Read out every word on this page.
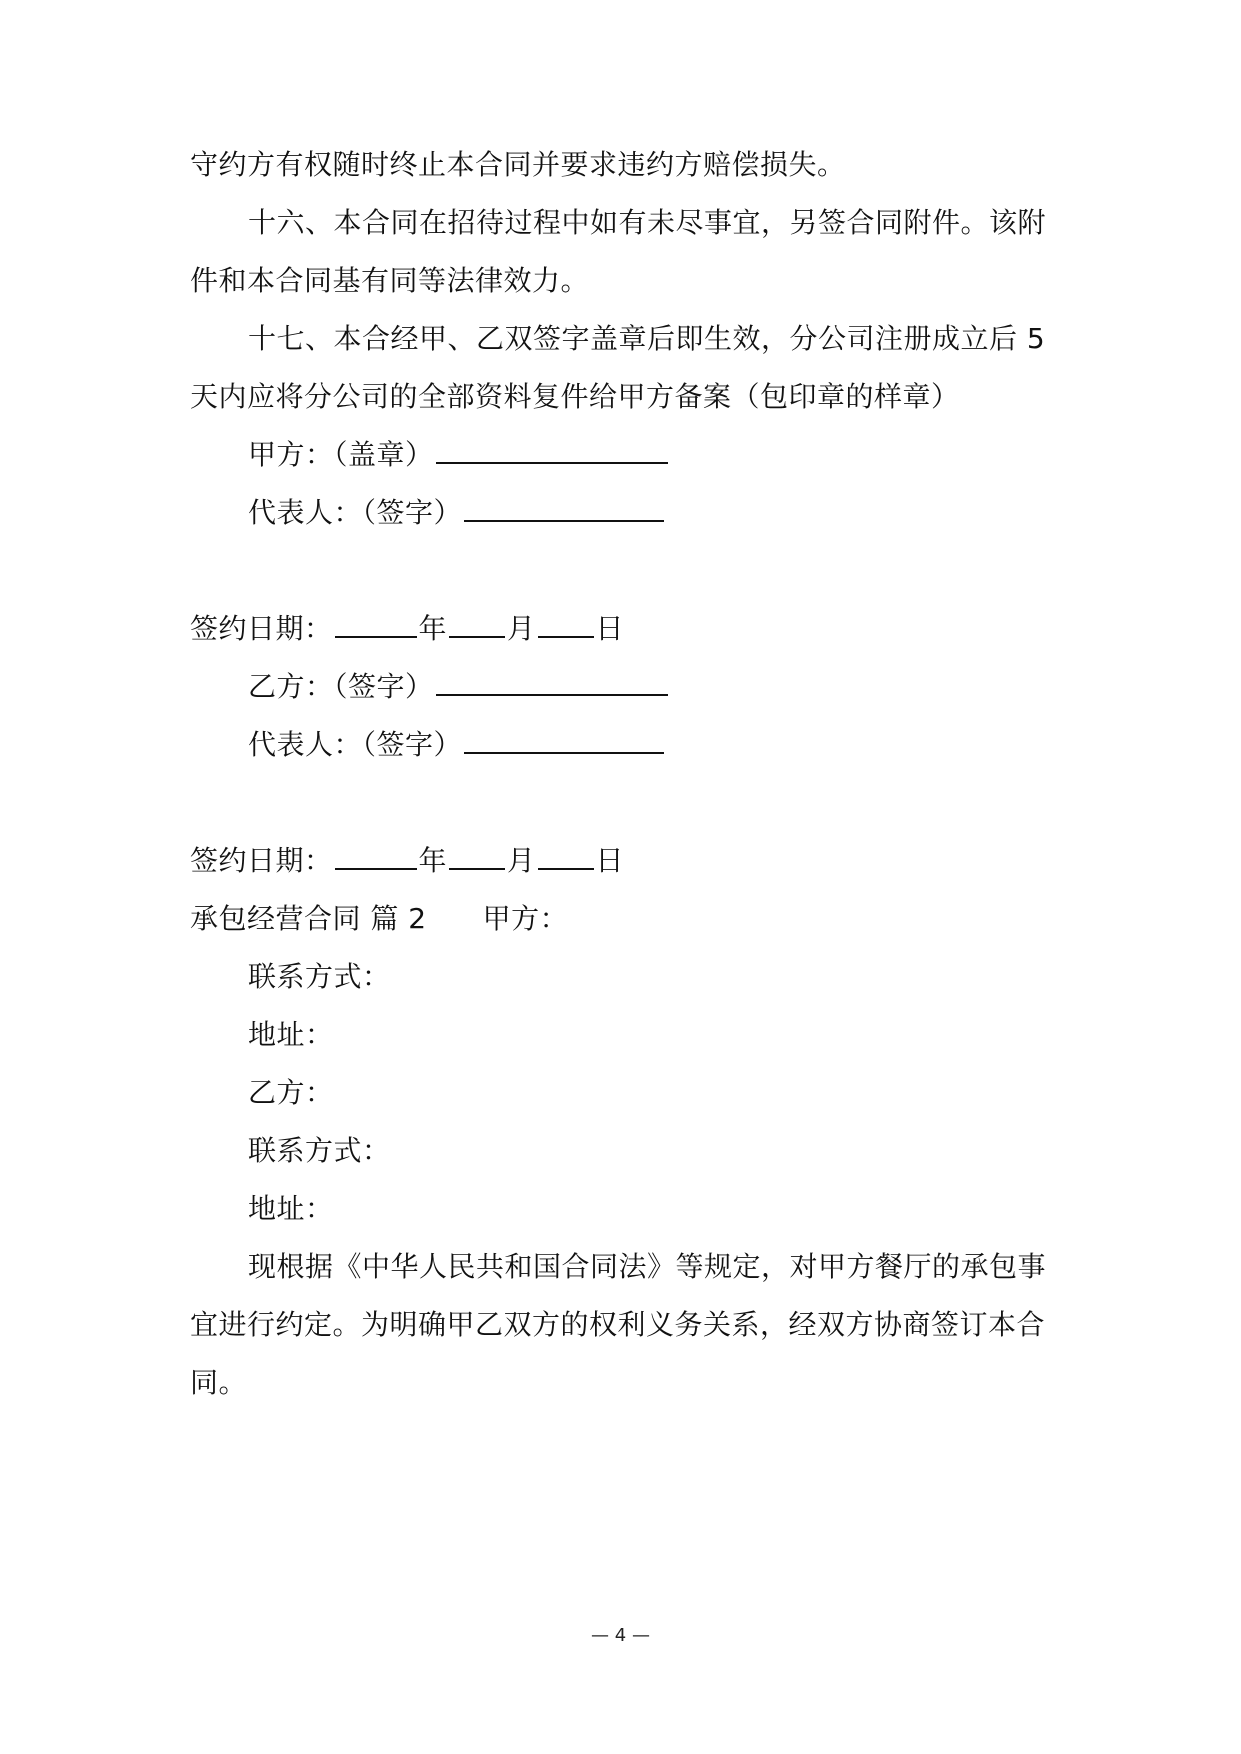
守约方有权随时终止本合同并要求违约方赔偿损失。
十六、本合同在招待过程中如有未尽事宜，另签合同附件。该附
件和本合同基有同等法律效力。
十七、本合经甲、乙双签字盖章后即生效，分公司注册成立后 5
天内应将分公司的全部资料复件给甲方备案（包印章的样章）
甲方：（盖章）
代表人：（签字）
签约日期：	年 月 日
乙方：（签字）
代表人：（签字）
签约日期：	年 月 日
承包经营合同 篇 2 甲方：
联系方式：
地址：
乙方：
联系方式：
地址：
现根据《中华人民共和国合同法》等规定，对甲方餐厅的承包事
宜进行约定。为明确甲乙双方的权利义务关系，经双方协商签订本合
同。
— 4 —
